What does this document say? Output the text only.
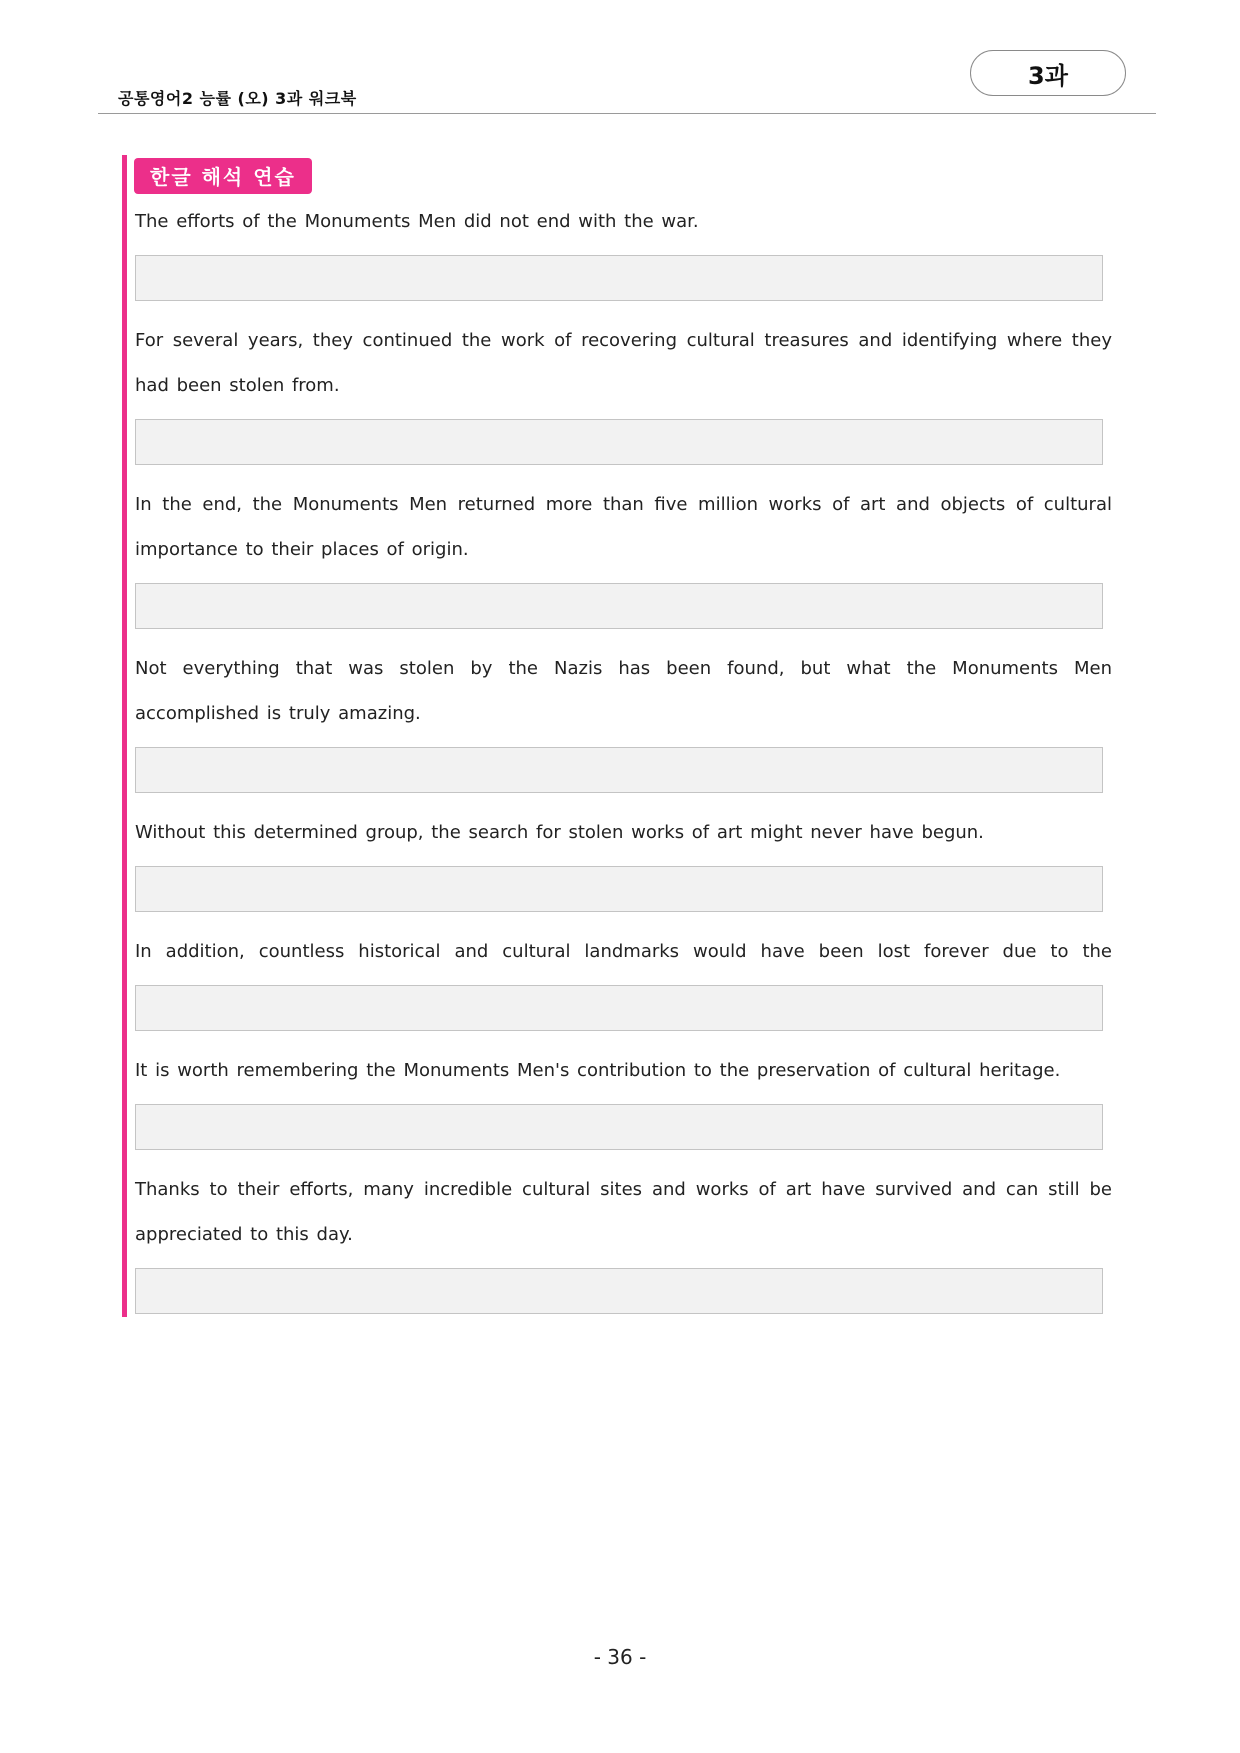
공통영어2 능률 (오) 3과 워크북
3과
한글 해석 연습
The efforts of the Monuments Men did not end with the war.
For several years, they continued the work of recovering cultural treasures and identifying where they had been stolen from.
In the end, the Monuments Men returned more than five million works of art and objects of cultural importance to their places of origin.
Not everything that was stolen by the Nazis has been found, but what the Monuments Men accomplished is truly amazing.
Without this determined group, the search for stolen works of art might never have begun.
In addition, countless historical and cultural landmarks would have been lost forever due to the
It is worth remembering the Monuments Men's contribution to the preservation of cultural heritage.
Thanks to their efforts, many incredible cultural sites and works of art have survived and can still be appreciated to this day.
- 36 -
